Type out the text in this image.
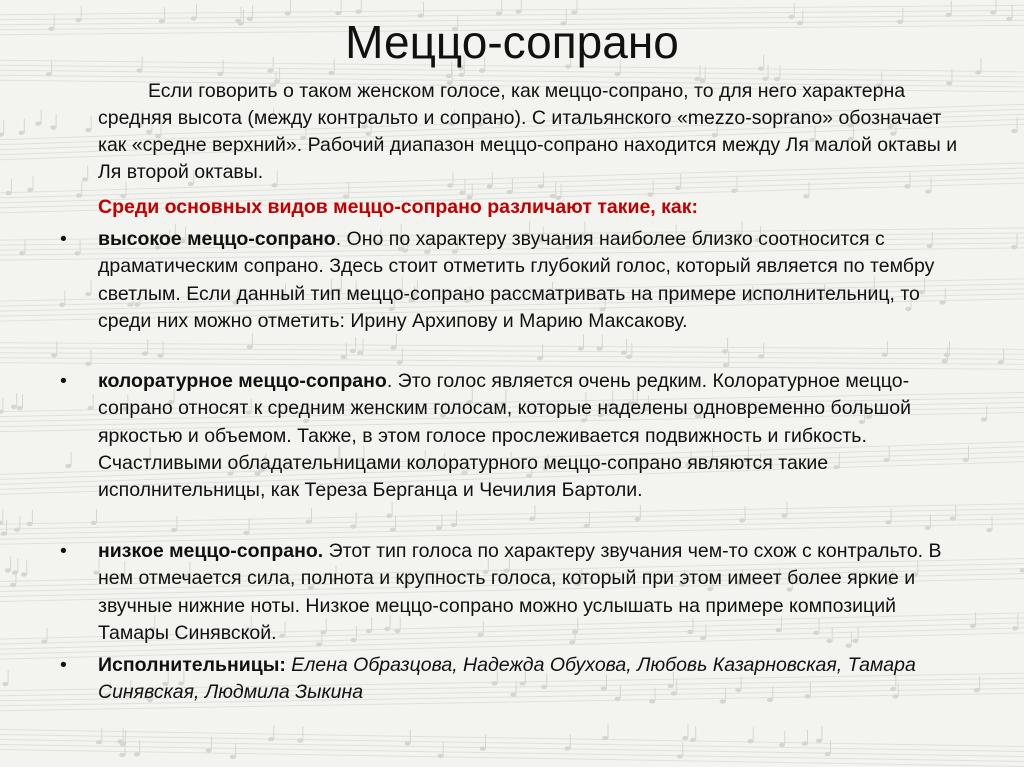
Меццо-сопрано
Если говорить о таком женском голосе, как меццо-сопрано, то для него характерна средняя высота (между контральто и сопрано). С итальянского «mezzo-soprano» обозначает как «средне верхний». Рабочий диапазон меццо-сопрано находится между Ля малой октавы и Ля второй октавы.
Среди основных видов меццо-сопрано различают такие, как:
• высокое меццо-сопрано. Оно по характеру звучания наиболее близко соотносится с драматическим сопрано. Здесь стоит отметить глубокий голос, который является по тембру светлым. Если данный тип меццо-сопрано рассматривать на примере исполнительниц, то среди них можно отметить: Ирину Архипову и Марию Максакову.
• колоратурное меццо-сопрано. Это голос является очень редким. Колоратурное меццо-сопрано относят к средним женским голосам, которые наделены одновременно большой яркостью и объемом. Также, в этом голосе прослеживается подвижность и гибкость. Счастливыми обладательницами колоратурного меццо-сопрано являются такие исполнительницы, как Тереза Берганца и Чечилия Бартоли.
• низкое меццо-сопрано. Этот тип голоса по характеру звучания чем-то схож с контральто. В нем отмечается сила, полнота и крупность голоса, который при этом имеет более яркие и звучные нижние ноты. Низкое меццо-сопрано можно услышать на примере композиций Тамары Синявской.
• Исполнительницы: Елена Образцова, Надежда Обухова, Любовь Казарновская, Тамара Синявская, Людмила Зыкина
